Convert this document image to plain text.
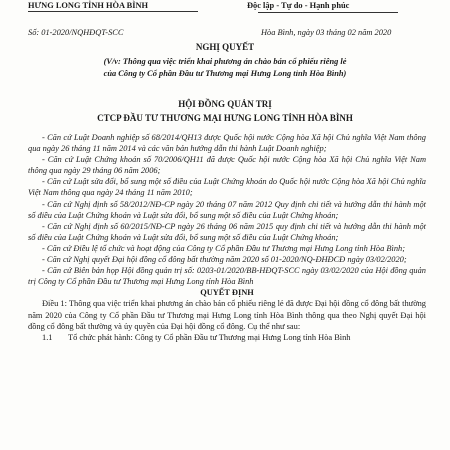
HƯNG LONG TỈNH HÒA BÌNH	Độc lập - Tự do - Hạnh phúc
Số: 01-2020/NQHĐQT-SCC	Hòa Bình, ngày 03 tháng 02 năm 2020
NGHỊ QUYẾT
(V/v: Thông qua việc triển khai phương án chào bán cổ phiếu riêng lẻ
của Công ty Cổ phần Đầu tư Thương mại Hưng Long tỉnh Hòa Bình)
HỘI ĐỒNG QUẢN TRỊ
CTCP ĐẦU TƯ THƯƠNG MẠI HƯNG LONG TỈNH HÒA BÌNH

- Căn cứ Luật Doanh nghiệp số 68/2014/QH13 được Quốc hội nước Cộng hòa Xã hội Chủ nghĩa Việt Nam thông qua ngày 26 tháng 11 năm 2014 và các văn bản hướng dẫn thi hành Luật Doanh nghiệp;

- Căn cứ Luật Chứng khoán số 70/2006/QH11 đã được Quốc hội nước Cộng hòa Xã hội Chủ nghĩa Việt Nam thông qua ngày 29 tháng 06 năm 2006;

- Căn cứ Luật sửa đổi, bổ sung một số điều của Luật Chứng khoán do Quốc hội nước Cộng hòa Xã hội Chủ nghĩa Việt Nam thông qua ngày 24 tháng 11 năm 2010;

- Căn cứ Nghị định số 58/2012/NĐ-CP ngày 20 tháng 07 năm 2012 Quy định chi tiết và hướng dẫn thi hành một số điều của Luật Chứng khoán và Luật sửa đổi, bổ sung một số điều của Luật Chứng khoán;

- Căn cứ Nghị định số 60/2015/NĐ-CP ngày 26 tháng 06 năm 2015 quy định chi tiết và hướng dẫn thi hành một số điều của Luật Chứng khoán và Luật sửa đổi, bổ sung một số điều của Luật Chứng khoán;

- Căn cứ Điều lệ tổ chức và hoạt động của Công ty Cổ phần Đầu tư Thương mại Hưng Long tỉnh Hòa Bình;

- Căn cứ Nghị quyết Đại hội đồng cổ đông bất thường năm 2020 số 01-2020/NQ-ĐHĐCĐ ngày 03/02/2020;

- Căn cứ Biên bản họp Hội đồng quản trị số: 0203-01/2020/BB-HĐQT-SCC ngày 03/02/2020 của Hội đồng quản trị Công ty Cổ phần Đầu tư Thương mại Hưng Long tỉnh Hòa Bình

QUYẾT ĐỊNH

Điều 1: Thông qua việc triển khai phương án chào bán cổ phiếu riêng lẻ đã được Đại hội đồng cổ đông bất thường năm 2020 của Công ty Cổ phần Đầu tư Thương mại Hưng Long tỉnh Hòa Bình thông qua theo Nghị quyết Đại hội đồng cổ đông bất thường và ủy quyền của Đại hội đồng cổ đông. Cụ thể như sau:

1.1	Tổ chức phát hành: Công ty Cổ phần Đầu tư Thương mại Hưng Long tỉnh Hòa Bình
